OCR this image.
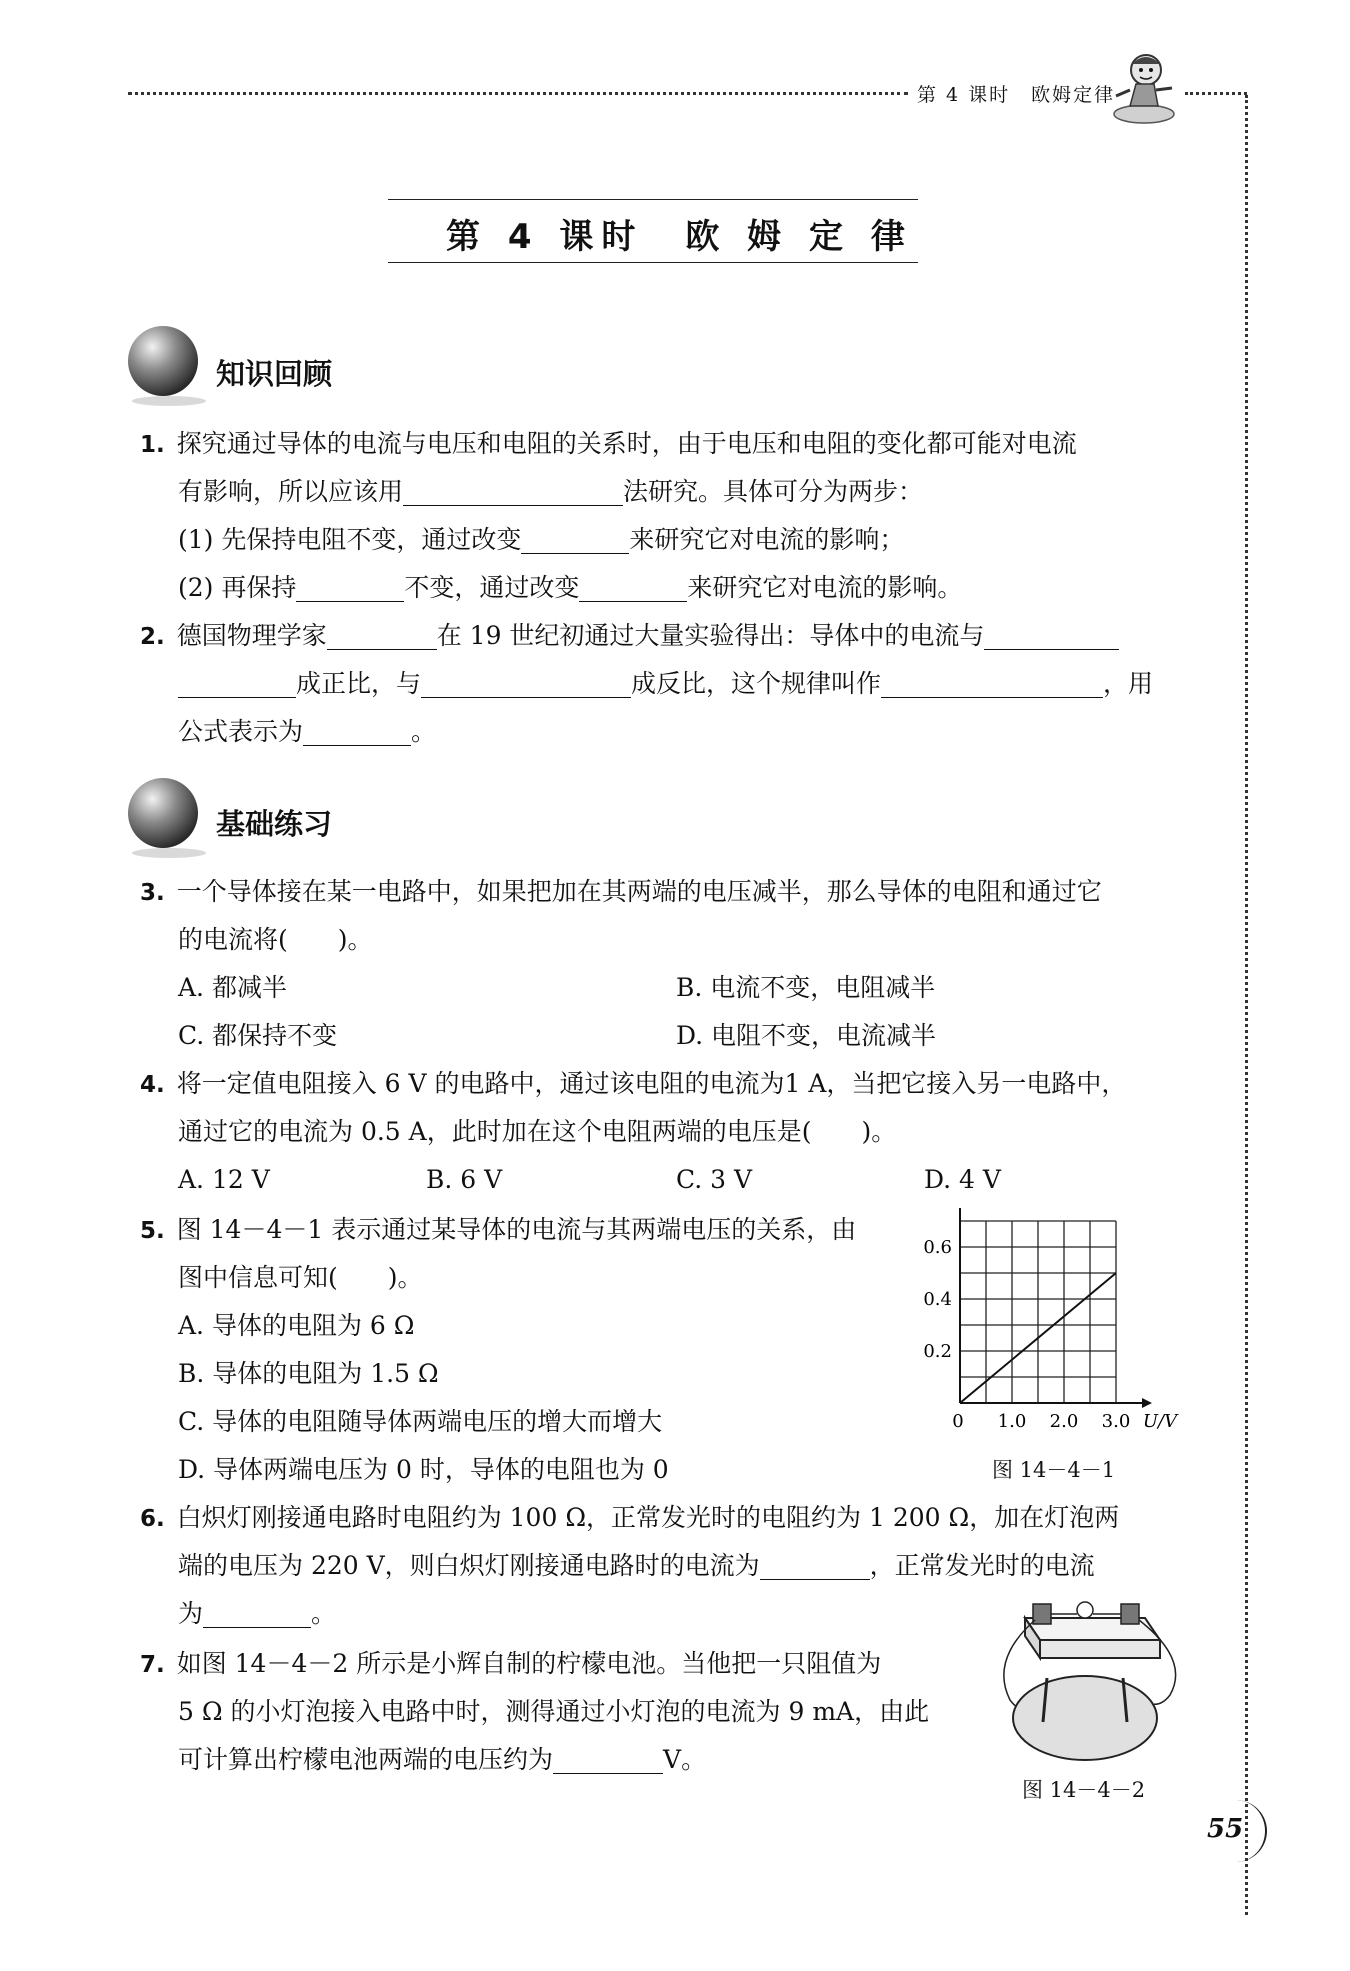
第 4 课时　欧姆定律
第 4 课时　欧 姆 定 律
知识回顾
1. 探究通过导体的电流与电压和电阻的关系时，由于电压和电阻的变化都可能对电流
有影响，所以应该用	法研究。具体可分为两步：
(1) 先保持电阻不变，通过改变	来研究它对电流的影响；
(2) 再保持	不变，通过改变	来研究它对电流的影响。
2. 德国物理学家	在 19 世纪初通过大量实验得出：导体中的电流与
成正比，与	成反比，这个规律叫作	，用
公式表示为	。
基础练习
3. 一个导体接在某一电路中，如果把加在其两端的电压减半，那么导体的电阻和通过它
的电流将(　　)。
A. 都减半	B. 电流不变，电阻减半
C. 都保持不变	D. 电阻不变，电流减半
4. 将一定值电阻接入 6 V 的电路中，通过该电阻的电流为1 A，当把它接入另一电路中，
通过它的电流为 0.5 A，此时加在这个电阻两端的电压是(　　)。
A. 12 V	B. 6 V	C. 3 V	D. 4 V
5. 图 14－4－1 表示通过某导体的电流与其两端电压的关系，由
图中信息可知(　　)。
A. 导体的电阻为 6 Ω
B. 导体的电阻为 1.5 Ω
C. 导体的电阻随导体两端电压的增大而增大
D. 导体两端电压为 0 时，导体的电阻也为 0
1.0 2.0 3.0
0.2
0.4
0.6
0	U/V
图 14－4－1
6. 白炽灯刚接通电路时电阻约为 100 Ω，正常发光时的电阻约为 1 200 Ω，加在灯泡两
端的电压为 220 V，则白炽灯刚接通电路时的电流为	，正常发光时的电流
为	。
7. 如图 14－4－2 所示是小辉自制的柠檬电池。当他把一只阻值为
5 Ω 的小灯泡接入电路中时，测得通过小灯泡的电流为 9 mA，由此
可计算出柠檬电池两端的电压约为	V。
图 14－4－2
55
